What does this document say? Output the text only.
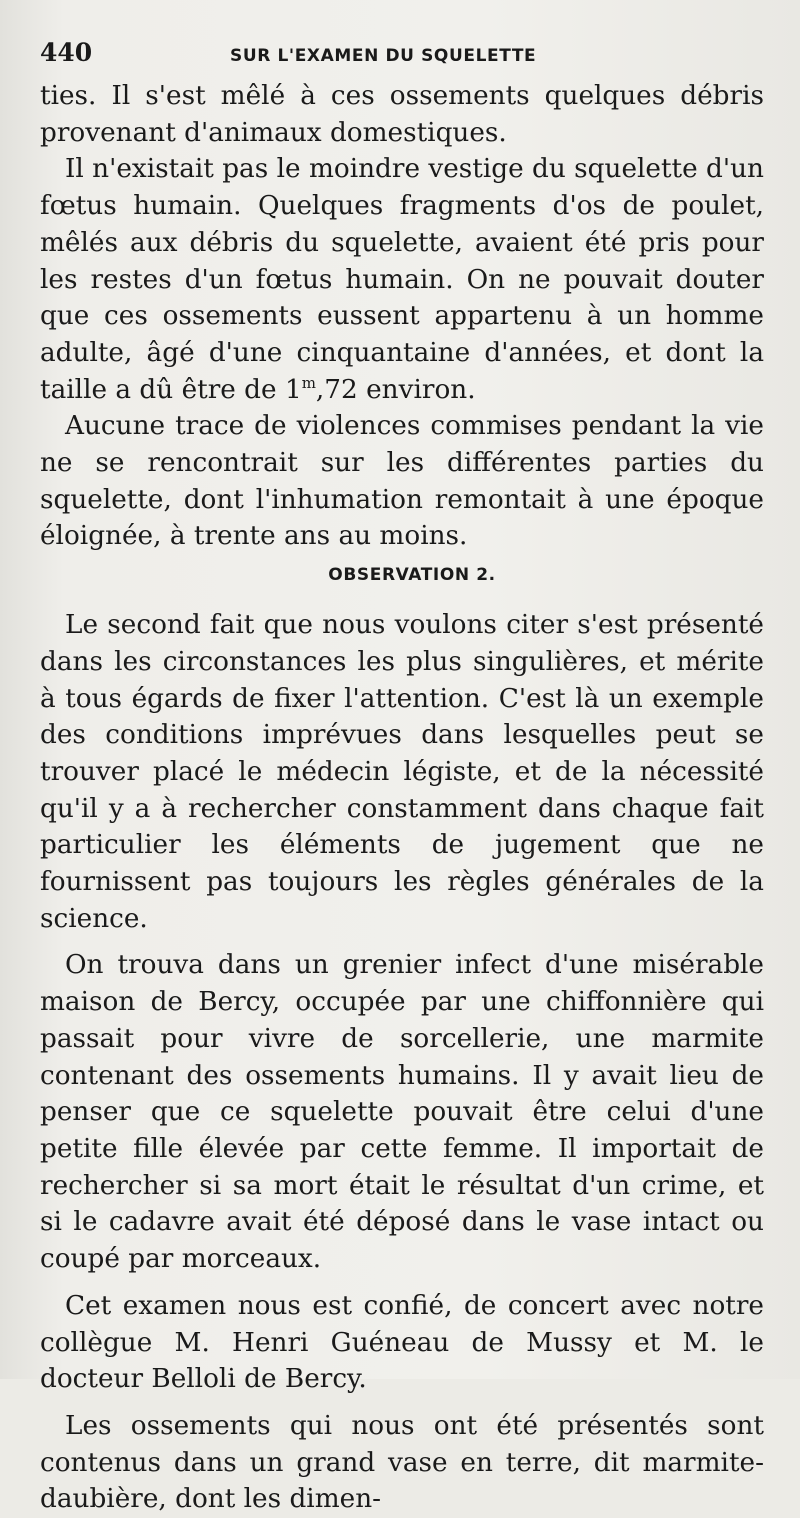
440	SUR L'EXAMEN DU SQUELETTE

ties. Il s'est mêlé à ces ossements quelques débris provenant d'animaux domestiques.

Il n'existait pas le moindre vestige du squelette d'un fœtus humain. Quelques fragments d'os de poulet, mêlés aux débris du squelette, avaient été pris pour les restes d'un fœtus humain. On ne pouvait douter que ces ossements eussent appartenu à un homme adulte, âgé d'une cinquantaine d'années, et dont la taille a dû être de 1$^m$,72 environ.

Aucune trace de violences commises pendant la vie ne se rencontrait sur les différentes parties du squelette, dont l'inhumation remontait à une époque éloignée, à trente ans au moins.

OBSERVATION 2.

Le second fait que nous voulons citer s'est présenté dans les circonstances les plus singulières, et mérite à tous égards de fixer l'attention. C'est là un exemple des conditions imprévues dans lesquelles peut se trouver placé le médecin légiste, et de la nécessité qu'il y a à rechercher constamment dans chaque fait particulier les éléments de jugement que ne fournissent pas toujours les règles générales de la science.

On trouva dans un grenier infect d'une misérable maison de Bercy, occupée par une chiffonnière qui passait pour vivre de sorcellerie, une marmite contenant des ossements humains. Il y avait lieu de penser que ce squelette pouvait être celui d'une petite fille élevée par cette femme. Il importait de rechercher si sa mort était le résultat d'un crime, et si le cadavre avait été déposé dans le vase intact ou coupé par morceaux.

Cet examen nous est confié, de concert avec notre collègue M. Henri Guéneau de Mussy et M. le docteur Belloli de Bercy.

Les ossements qui nous ont été présentés sont contenus dans un grand vase en terre, dit marmite-daubière, dont les dimen-
